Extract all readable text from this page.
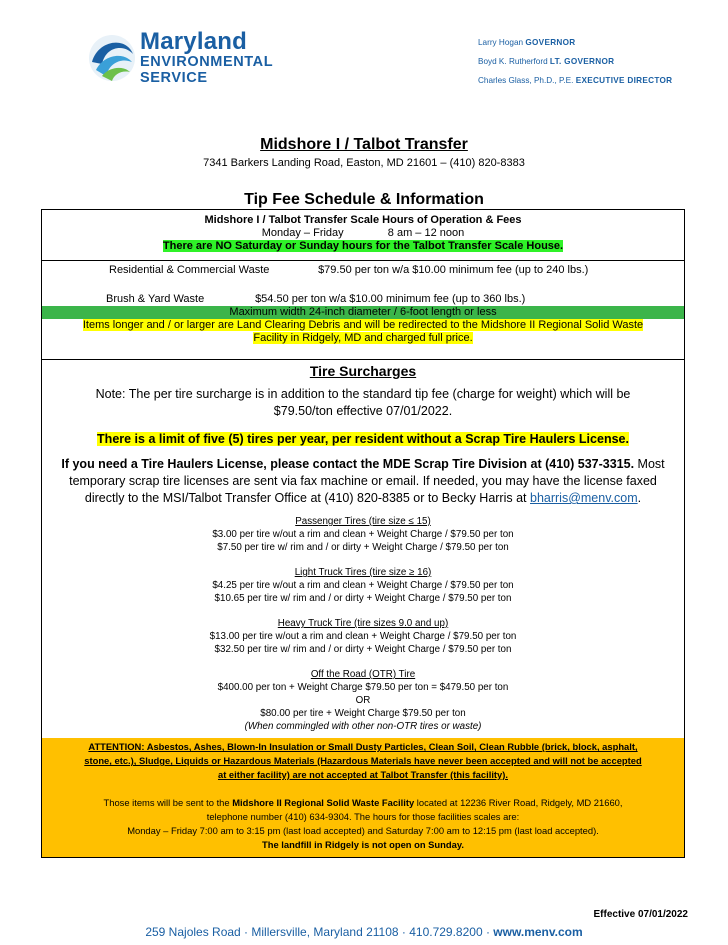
Maryland
ENVIRONMENTAL
SERVICE
Larry Hogan GOVERNOR
Boyd K. Rutherford LT. GOVERNOR
Charles Glass, Ph.D., P.E. EXECUTIVE DIRECTOR
Midshore I / Talbot Transfer
7341 Barkers Landing Road, Easton, MD 21601 – (410) 820-8383
Tip Fee Schedule & Information
Midshore I / Talbot Transfer Scale Hours of Operation & Fees
Monday – Friday	8 am – 12 noon
There are NO Saturday or Sunday hours for the Talbot Transfer Scale House.
Residential & Commercial Waste	$79.50 per ton w/a $10.00 minimum fee (up to 240 lbs.)
Brush & Yard Waste	$54.50 per ton w/a $10.00 minimum fee (up to 360 lbs.)
Maximum width 24-inch diameter / 6-foot length or less
Items longer and / or larger are Land Clearing Debris and will be redirected to the Midshore II Regional Solid Waste
Facility in Ridgely, MD and charged full price.
Tire Surcharges
Note: The per tire surcharge is in addition to the standard tip fee (charge for weight) which will be
$79.50/ton effective 07/01/2022.
There is a limit of five (5) tires per year, per resident without a Scrap Tire Haulers License.
If you need a Tire Haulers License, please contact the MDE Scrap Tire Division at (410) 537-3315. Most
temporary scrap tire licenses are sent via fax machine or email. If needed, you may have the license faxed
directly to the MSI/Talbot Transfer Office at (410) 820-8385 or to Becky Harris at bharris@menv.com.
Passenger Tires (tire size ≤ 15)
$3.00 per tire w/out a rim and clean + Weight Charge / $79.50 per ton
$7.50 per tire w/ rim and / or dirty + Weight Charge / $79.50 per ton
Light Truck Tires (tire size ≥ 16)
$4.25 per tire w/out a rim and clean + Weight Charge / $79.50 per ton
$10.65 per tire w/ rim and / or dirty + Weight Charge / $79.50 per ton
Heavy Truck Tire (tire sizes 9.0 and up)
$13.00 per tire w/out a rim and clean + Weight Charge / $79.50 per ton
$32.50 per tire w/ rim and / or dirty + Weight Charge / $79.50 per ton
Off the Road (OTR) Tire
$400.00 per ton + Weight Charge $79.50 per ton = $479.50 per ton
OR
$80.00 per tire + Weight Charge $79.50 per ton
(When commingled with other non-OTR tires or waste)
ATTENTION: Asbestos, Ashes, Blown-In Insulation or Small Dusty Particles, Clean Soil, Clean Rubble (brick, block, asphalt,
stone, etc.), Sludge, Liquids or Hazardous Materials (Hazardous Materials have never been accepted and will not be accepted
at either facility) are not accepted at Talbot Transfer (this facility).
Those items will be sent to the Midshore II Regional Solid Waste Facility located at 12236 River Road, Ridgely, MD 21660,
telephone number (410) 634-9304. The hours for those facilities scales are:
Monday – Friday 7:00 am to 3:15 pm (last load accepted) and Saturday 7:00 am to 12:15 pm (last load accepted).
The landfill in Ridgely is not open on Sunday.
Effective 07/01/2022
259 Najoles Road · Millersville, Maryland 21108 · 410.729.8200 · www.menv.com
